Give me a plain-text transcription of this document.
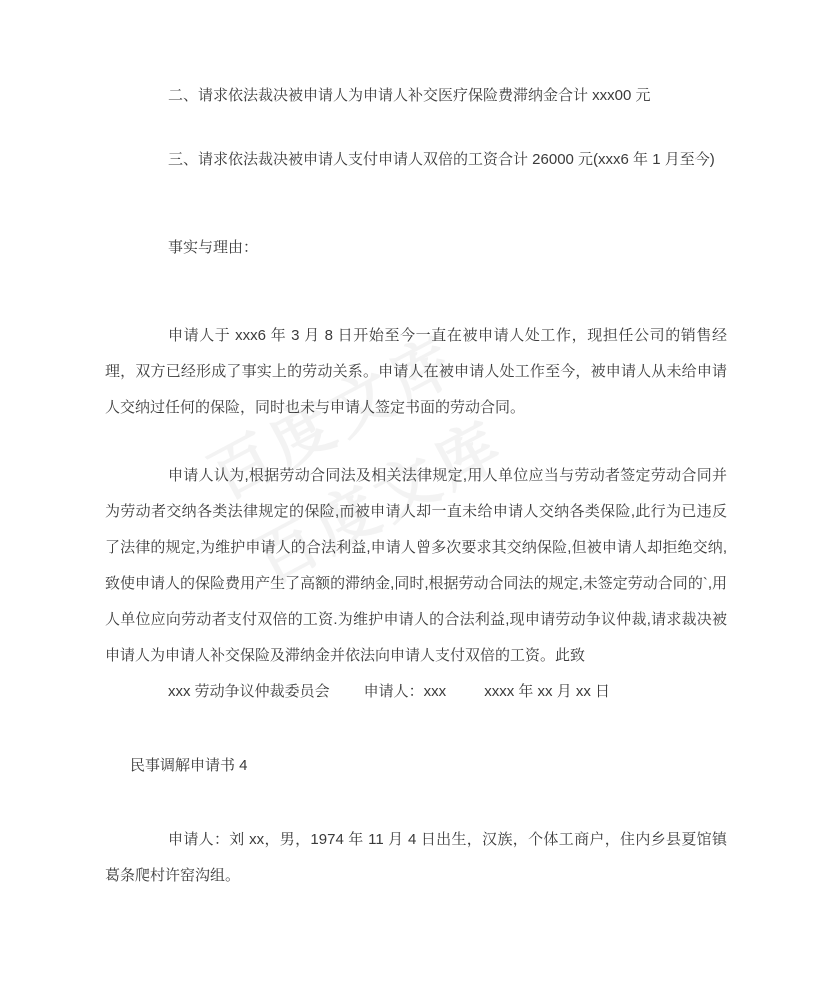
二、请求依法裁决被申请人为申请人补交医疗保险费滞纳金合计 xxx00 元

三、请求依法裁决被申请人支付申请人双倍的工资合计 26000 元(xxx6 年 1 月至今)

事实与理由：

申请人于 xxx6 年 3 月 8 日开始至今一直在被申请人处工作，现担任公司的销售经理，双方已经形成了事实上的劳动关系。申请人在被申请人处工作至今，被申请人从未给申请人交纳过任何的保险，同时也未与申请人签定书面的劳动合同。

申请人认为,根据劳动合同法及相关法律规定,用人单位应当与劳动者签定劳动合同并为劳动者交纳各类法律规定的保险,而被申请人却一直未给申请人交纳各类保险,此行为已违反了法律的规定,为维护申请人的合法利益,申请人曾多次要求其交纳保险,但被申请人却拒绝交纳,致使申请人的保险费用产生了高额的滞纳金,同时,根据劳动合同法的规定,未签定劳动合同的`,用人单位应向劳动者支付双倍的工资.为维护申请人的合法利益,现申请劳动争议仲裁,请求裁决被申请人为申请人补交保险及滞纳金并依法向申请人支付双倍的工资。此致

xxx 劳动争议仲裁委员会 申请人：xxx	xxxx 年 xx 月 xx 日

民事调解申请书 4

申请人：刘 xx，男，1974 年 11 月 4 日出生，汉族，个体工商户，住内乡县夏馆镇葛条爬村许窑沟组。
